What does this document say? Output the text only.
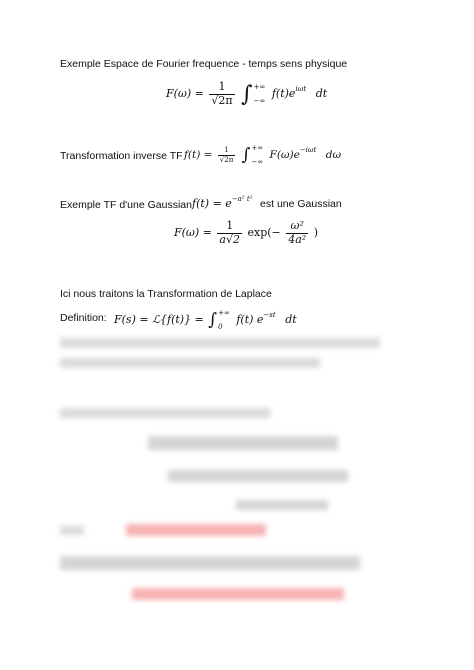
Exemple Espace de Fourier frequence - temps sens physique
$F(\omega) = \frac{1}{√2\pi}$ ∫ +∞
−∞
$f(t)e^{i\omega t}$ dt
Transformation inverse TF $f(t) = \frac{1}{√2\pi}$ ∫ +∞
−∞
$F(\omega)e^{-i\omega t}$ dω
Exemple TF d'une Gaussian $f(t) = e^{-a^2 t^2}$ est une Gaussian
$F(\omega) = \frac{1}{a√2} \exp(- \frac{\text{ω²}}{\text{4a²}}$ )
Ici nous traitons la Transformation de Laplace
Definition: F(s) = ℒ{f(t)} = ∫ +∞
0
f(t) $e^{-st}$ dt
